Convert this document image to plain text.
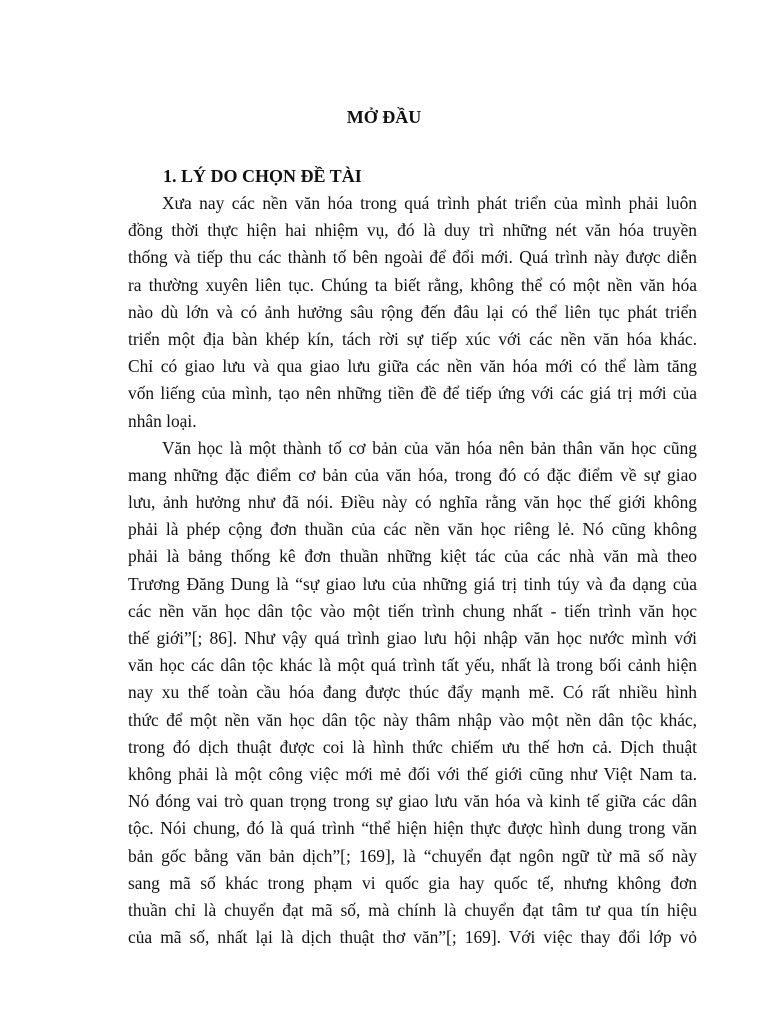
MỞ ĐẦU
1. LÝ DO CHỌN ĐỀ TÀI
Xưa nay các nền văn hóa trong quá trình phát triển của mình phải luôn
đồng thời thực hiện hai nhiệm vụ, đó là duy trì những nét văn hóa truyền
thống và tiếp thu các thành tố bên ngoài để đổi mới. Quá trình này được diễn
ra thường xuyên liên tục. Chúng ta biết rằng, không thể có một nền văn hóa
nào dù lớn và có ảnh hưởng sâu rộng đến đâu lại có thể liên tục phát triển
triển một địa bàn khép kín, tách rời sự tiếp xúc với các nền văn hóa khác.
Chỉ có giao lưu và qua giao lưu giữa các nền văn hóa mới có thể làm tăng
vốn liếng của mình, tạo nên những tiền đề để tiếp ứng với các giá trị mới của
nhân loại.
Văn học là một thành tố cơ bản của văn hóa nên bản thân văn học cũng
mang những đặc điểm cơ bản của văn hóa, trong đó có đặc điểm về sự giao
lưu, ảnh hưởng như đã nói. Điều này có nghĩa rằng văn học thế giới không
phải là phép cộng đơn thuần của các nền văn học riêng lẻ. Nó cũng không
phải là bảng thống kê đơn thuần những kiệt tác của các nhà văn mà theo
Trương Đăng Dung là “sự giao lưu của những giá trị tinh túy và đa dạng của
các nền văn học dân tộc vào một tiến trình chung nhất - tiến trình văn học
thế giới”[; 86]. Như vậy quá trình giao lưu hội nhập văn học nước mình với
văn học các dân tộc khác là một quá trình tất yếu, nhất là trong bối cảnh hiện
nay xu thế toàn cầu hóa đang được thúc đẩy mạnh mẽ. Có rất nhiều hình
thức để một nền văn học dân tộc này thâm nhập vào một nền dân tộc khác,
trong đó dịch thuật được coi là hình thức chiếm ưu thế hơn cả. Dịch thuật
không phải là một công việc mới mẻ đối với thế giới cũng như Việt Nam ta.
Nó đóng vai trò quan trọng trong sự giao lưu văn hóa và kinh tế giữa các dân
tộc. Nói chung, đó là quá trình “thể hiện hiện thực được hình dung trong văn
bản gốc bằng văn bản dịch”[; 169], là “chuyển đạt ngôn ngữ từ mã số này
sang mã số khác trong phạm vi quốc gia hay quốc tế, nhưng không đơn
thuần chỉ là chuyển đạt mã số, mà chính là chuyển đạt tâm tư qua tín hiệu
của mã số, nhất lại là dịch thuật thơ văn”[; 169]. Với việc thay đổi lớp vỏ
